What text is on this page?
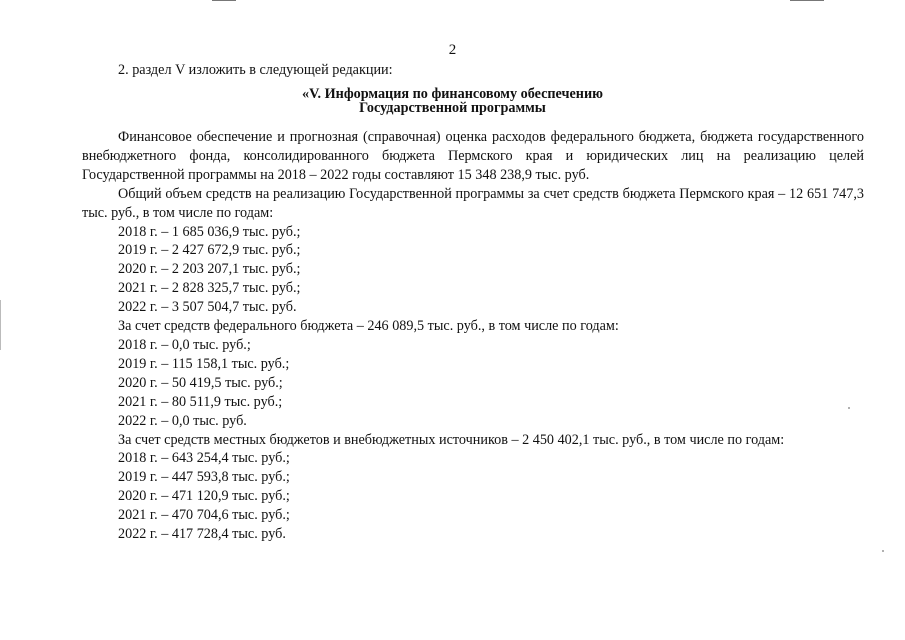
2
2. раздел V изложить в следующей редакции:
«V. Информация по финансовому обеспечению
Государственной программы

Финансовое обеспечение и прогнозная (справочная) оценка расходов федерального бюджета, бюджета государственного внебюджетного фонда, консолидированного бюджета Пермского края и юридических лиц на реализацию целей Государственной программы на 2018 – 2022 годы составляют 15 348 238,9 тыс. руб.

Общий объем средств на реализацию Государственной программы за счет средств бюджета Пермского края – 12 651 747,3 тыс. руб., в том числе по годам:

2018 г. – 1 685 036,9 тыс. руб.;

2019 г. – 2 427 672,9 тыс. руб.;

2020 г. – 2 203 207,1 тыс. руб.;

2021 г. – 2 828 325,7 тыс. руб.;

2022 г. – 3 507 504,7 тыс. руб.

За счет средств федерального бюджета – 246 089,5 тыс. руб., в том числе по годам:

2018 г. – 0,0 тыс. руб.;

2019 г. – 115 158,1 тыс. руб.;

2020 г. – 50 419,5 тыс. руб.;

2021 г. – 80 511,9 тыс. руб.;

2022 г. – 0,0 тыс. руб.

За счет средств местных бюджетов и внебюджетных источников – 2 450 402,1 тыс. руб., в том числе по годам:

2018 г. – 643 254,4 тыс. руб.;

2019 г. – 447 593,8 тыс. руб.;

2020 г. – 471 120,9 тыс. руб.;

2021 г. – 470 704,6 тыс. руб.;

2022 г. – 417 728,4 тыс. руб.
